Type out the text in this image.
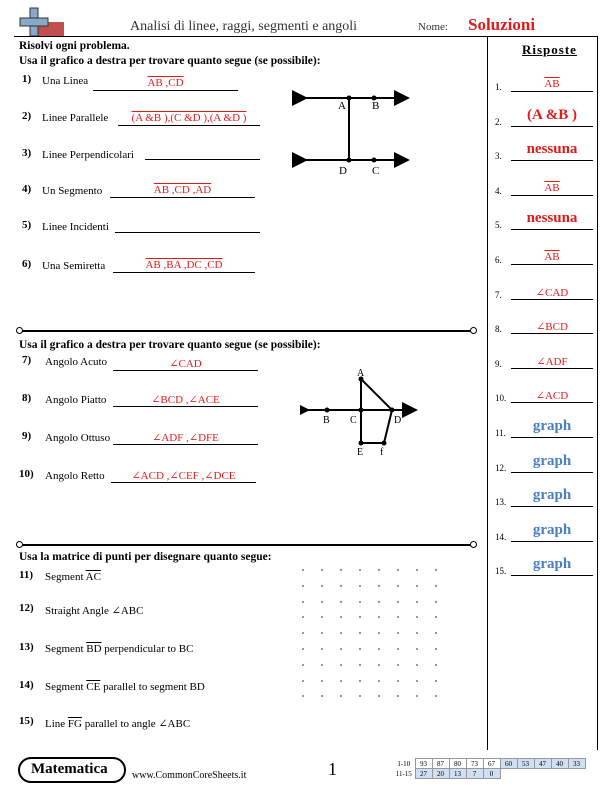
Analisi di linee, raggi, segmenti e angoli	Nome: Soluzioni
Risolvi ogni problema.
Usa il grafico a destra per trovare quanto segue (se possibile):
1) Una Linea	AB ,CD
2) Linee Parallele	(A &B ),(C &D ),(A &D )
3) Linee Perpendicolari
4) Un Segmento	AB ,CD ,AD
5) Linee Incidenti
6) Una Semiretta	AB ,BA ,DC ,CD
A B
D C
Usa il grafico a destra per trovare quanto segue (se possibile):
7) Angolo Acuto	∠CAD
8) Angolo Piatto	∠BCD ,∠ACE
9) Angolo Ottuso	∠ADF ,∠DFE
10) Angolo Retto	∠ACD ,∠CEF ,∠DCE
A
B C	D
E f
Usa la matrice di punti per disegnare quanto segue:
11) Segment $\overline{AC}$
12) Straight Angle ∠ABC
13) Segment $\overline{BD}$ perpendicular to BC
14) Segment $\overline{CE}$ parallel to segment BD
15) Line $\overline{FG}$ parallel to angle ∠ABC
Risposte
1.	$\overline{AB}$
2.	(A &B )
3.	nessuna
4.	$\overline{AB}$
5.	nessuna
6.	$\overline{AB}$
7.	∠CAD
8.	∠BCD
9.	∠ADF
10.	∠ACD
11.	graph
12.	graph
13.	graph
14.	graph
15.	graph
Matematica www.CommonCoreSheets.it	1	1-10	93	87	80	73	67	60	53	47	40	33
11-15	27	20	13	7	0					
